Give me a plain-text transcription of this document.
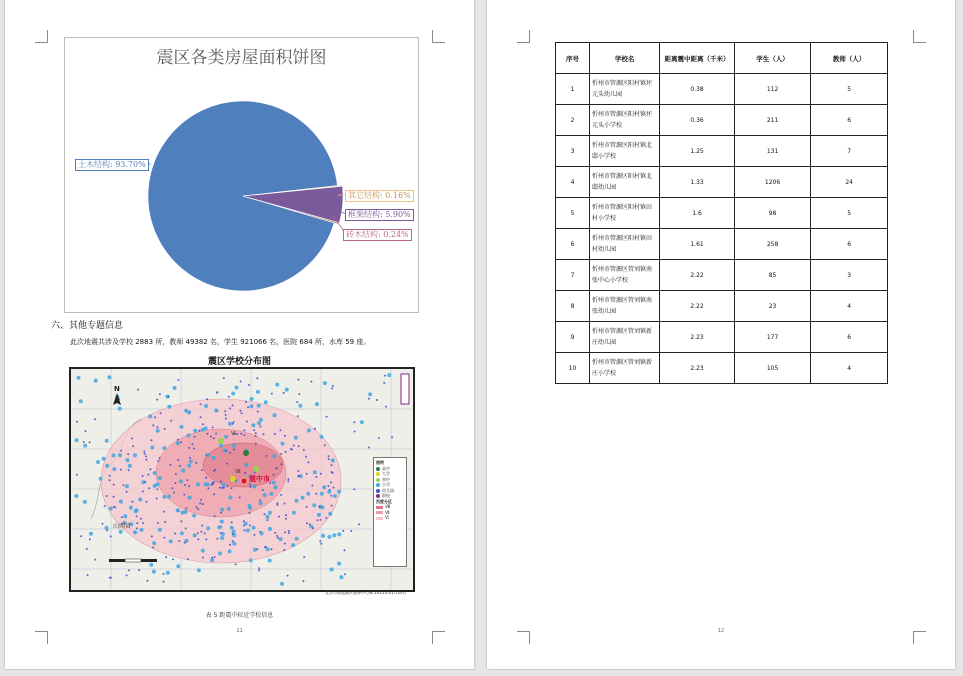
震区各类房屋面积饼图
土木结构: 93.70%
其它结构: 0.16%
框架结构: 5.90%
砖木结构: 0.24%
六、其他专题信息
此次地震共涉及学校 2883 所，教师 49382 名，学生 921066 名，医院 684 所，水库 59 座。
震区学校分布图
Ⅵ
Ⅶ
N
震中市
山西省
图例
高中
大学
初中
小学
幼儿园
职校
烈度分区
Ⅷ
Ⅶ
Ⅵ
北京市防震减灾服务中心制 2015年01月20日
表 5 距震中较近学校信息
11
序号	学校名	距离震中距离（千米）	学生（人）	教师（人）
1	忻州市管源区阳村镇坯元头幼儿园	0.38	112	5
2	忻州市管源区阳村镇坯元头小学校	0.36	211	6
3	忻州市管源区阳村镇北邸小学校	1.25	131	7
4	忻州市管源区阳村镇北邸幼儿园	1.33	1206	24
5	忻州市管源区阳村镇田村小学校	1.6	98	5
6	忻州市管源区阳村镇田村幼儿园	1.61	258	6
7	忻州市管源区管刘镇南张中心小学校	2.22	85	3
8	忻州市管源区管刘镇南张幼儿园	2.22	23	4
9	忻州市管源区管刘镇新庄幼儿园	2.23	177	6
10	忻州市管源区管刘镇新庄小学校	2.23	105	4
12
